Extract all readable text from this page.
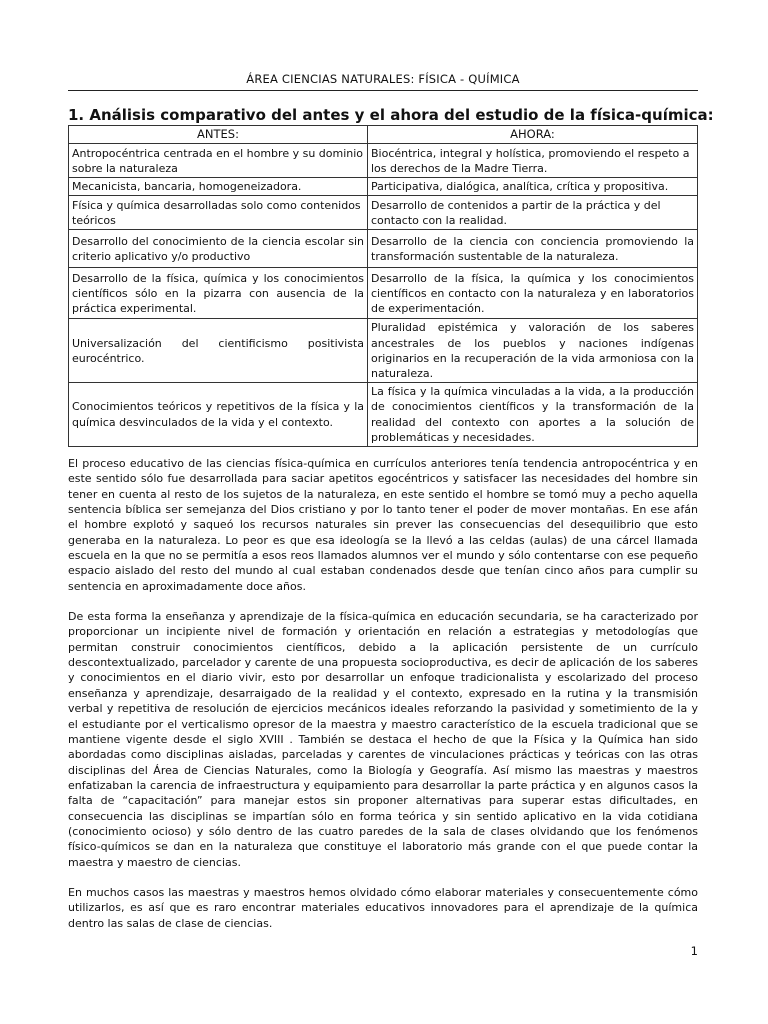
ÁREA CIENCIAS NATURALES: FÍSICA - QUÍMICA
1. Análisis comparativo del antes y el ahora del estudio de la física-química:
ANTES:	AHORA:
Antropocéntrica centrada en el hombre y su dominio sobre la naturaleza	Biocéntrica, integral y holística, promoviendo el respeto a los derechos de la Madre Tierra.
Mecanicista, bancaria, homogeneizadora.	Participativa, dialógica, analítica, crítica y propositiva.
Física y química desarrolladas solo como contenidos teóricos	Desarrollo de contenidos a partir de la práctica y del contacto con la realidad.
Desarrollo del conocimiento de la ciencia escolar sin criterio aplicativo y/o productivo	Desarrollo de la ciencia con conciencia promoviendo la transformación sustentable de la naturaleza.
Desarrollo de la física, química y los conocimientos científicos sólo en la pizarra con ausencia de la práctica experimental.	Desarrollo de la física, la química y los conocimientos científicos en contacto con la naturaleza y en laboratorios de experimentación.
Universalización del cientificismo positivista eurocéntrico.	Pluralidad epistémica y valoración de los saberes ancestrales de los pueblos y naciones indígenas originarios en la recuperación de la vida armoniosa con la naturaleza.
Conocimientos teóricos y repetitivos de la física y la química desvinculados de la vida y el contexto.	La física y la química vinculadas a la vida, a la producción de conocimientos científicos y la transformación de la realidad del contexto con aportes a la solución de problemáticas y necesidades.

El proceso educativo de las ciencias física-química en currículos anteriores tenía tendencia antropocéntrica y en este sentido sólo fue desarrollada para saciar apetitos egocéntricos y satisfacer las necesidades del hombre sin tener en cuenta al resto de los sujetos de la naturaleza, en este sentido el hombre se tomó muy a pecho aquella sentencia bíblica ser semejanza del Dios cristiano y por lo tanto tener el poder de mover montañas. En ese afán el hombre explotó y saqueó los recursos naturales sin prever las consecuencias del desequilibrio que esto generaba en la naturaleza. Lo peor es que esa ideología se la llevó a las celdas (aulas) de una cárcel llamada escuela en la que no se permitía a esos reos llamados alumnos ver el mundo y sólo contentarse con ese pequeño espacio aislado del resto del mundo al cual estaban condenados desde que tenían cinco años para cumplir su sentencia en aproximadamente doce años.

De esta forma la enseñanza y aprendizaje de la física-química en educación secundaria, se ha caracterizado por proporcionar un incipiente nivel de formación y orientación en relación a estrategias y metodologías que permitan construir conocimientos científicos, debido a la aplicación persistente de un currículo descontextualizado, parcelador y carente de una propuesta socioproductiva, es decir de aplicación de los saberes y conocimientos en el diario vivir, esto por desarrollar un enfoque tradicionalista y escolarizado del proceso enseñanza y aprendizaje, desarraigado de la realidad y el contexto, expresado en la rutina y la transmisión verbal y repetitiva de resolución de ejercicios mecánicos ideales reforzando la pasividad y sometimiento de la y el estudiante por el verticalismo opresor de la maestra y maestro característico de la escuela tradicional que se mantiene vigente desde el siglo XVIII . También se destaca el hecho de que la Física y la Química han sido abordadas como disciplinas aisladas, parceladas y carentes de vinculaciones prácticas y teóricas con las otras disciplinas del Área de Ciencias Naturales, como la Biología y Geografía. Así mismo las maestras y maestros enfatizaban la carencia de infraestructura y equipamiento para desarrollar la parte práctica y en algunos casos la falta de “capacitación” para manejar estos sin proponer alternativas para superar estas dificultades, en consecuencia las disciplinas se impartían sólo en forma teórica y sin sentido aplicativo en la vida cotidiana (conocimiento ocioso) y sólo dentro de las cuatro paredes de la sala de clases olvidando que los fenómenos físico-químicos se dan en la naturaleza que constituye el laboratorio más grande con el que puede contar la maestra y maestro de ciencias.

En muchos casos las maestras y maestros hemos olvidado cómo elaborar materiales y consecuentemente cómo utilizarlos, es así que es raro encontrar materiales educativos innovadores para el aprendizaje de la química dentro las salas de clase de ciencias.

1
